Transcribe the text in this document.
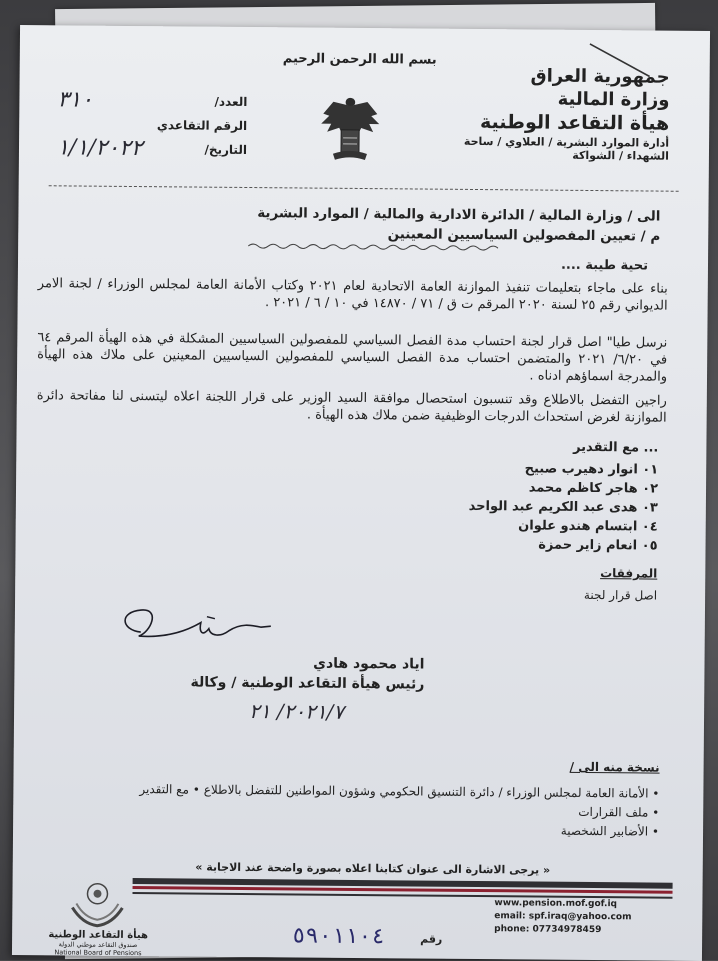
بسم الله الرحمن الرحيم
جمهورية العراق
وزارة المالية
هيأة التقاعد الوطنية
أدارة الموارد البشرية / العلاوي / ساحة الشهداء / الشواكة
العدد/
٣١٠
الرقم التقاعدي
التاريخ/
١/١/٢٠٢٢
الى / وزارة المالية / الدائرة الادارية والمالية / الموارد البشرية
م / تعيين المفصولين السياسيين المعينين
تحية طيبة ....
بناء على ماجاء بتعليمات تنفيذ الموازنة العامة الاتحادية لعام ٢٠٢١ وكتاب الأمانة العامة لمجلس الوزراء / لجنة الامر الديواني رقم ٢٥ لسنة ٢٠٢٠ المرقم ت ق / ٧١ / ١٤٨٧٠ في ١٠ / ٦ / ٢٠٢١ .
نرسل طيا" اصل قرار لجنة احتساب مدة الفصل السياسي للمفصولين السياسيين المشكلة في هذه الهيأة المرقم ٦٤ في ٦/٢٠/ ٢٠٢١ والمتضمن احتساب مدة الفصل السياسي للمفصولين السياسيين المعينين على ملاك هذه الهيأة والمدرجة اسماؤهم ادناه .
راجين التفضل بالاطلاع وقد تنسبون استحصال موافقة السيد الوزير على قرار اللجنة اعلاه ليتسنى لنا مفاتحة دائرة الموازنة لغرض استحداث الدرجات الوظيفية ضمن ملاك هذه الهيأة .
... مع التقدير
٠١ انوار دهيرب صبيح
٠٢ هاجر كاظم محمد
٠٣ هدى عبد الكريم عبد الواحد
٠٤ ابتسام هندو علوان
٠٥ انعام زاير حمزة
المرفقات
اصل قرار لجنة
اياد محمود هادي
رئيس هيأة التقاعد الوطنية / وكالة
٢٠٢١/٧/ ٢١
نسخة منه الى /
• الأمانة العامة لمجلس الوزراء / دائرة التنسيق الحكومي وشؤون المواطنين للتفضل بالاطلاع • مع التقدير
• ملف القرارات
• الأضابير الشخصية
« يرجى الاشارة الى عنوان كتابنا اعلاه بصورة واضحة عند الاجابة »
هيأة التقاعد الوطنية
صندوق التقاعد موطني الدولة
National Board of Pensions
رقم
٥٩٠١١٠٤
www.pension.mof.gof.iq
email: spf.iraq@yahoo.com
phone: 07734978459
